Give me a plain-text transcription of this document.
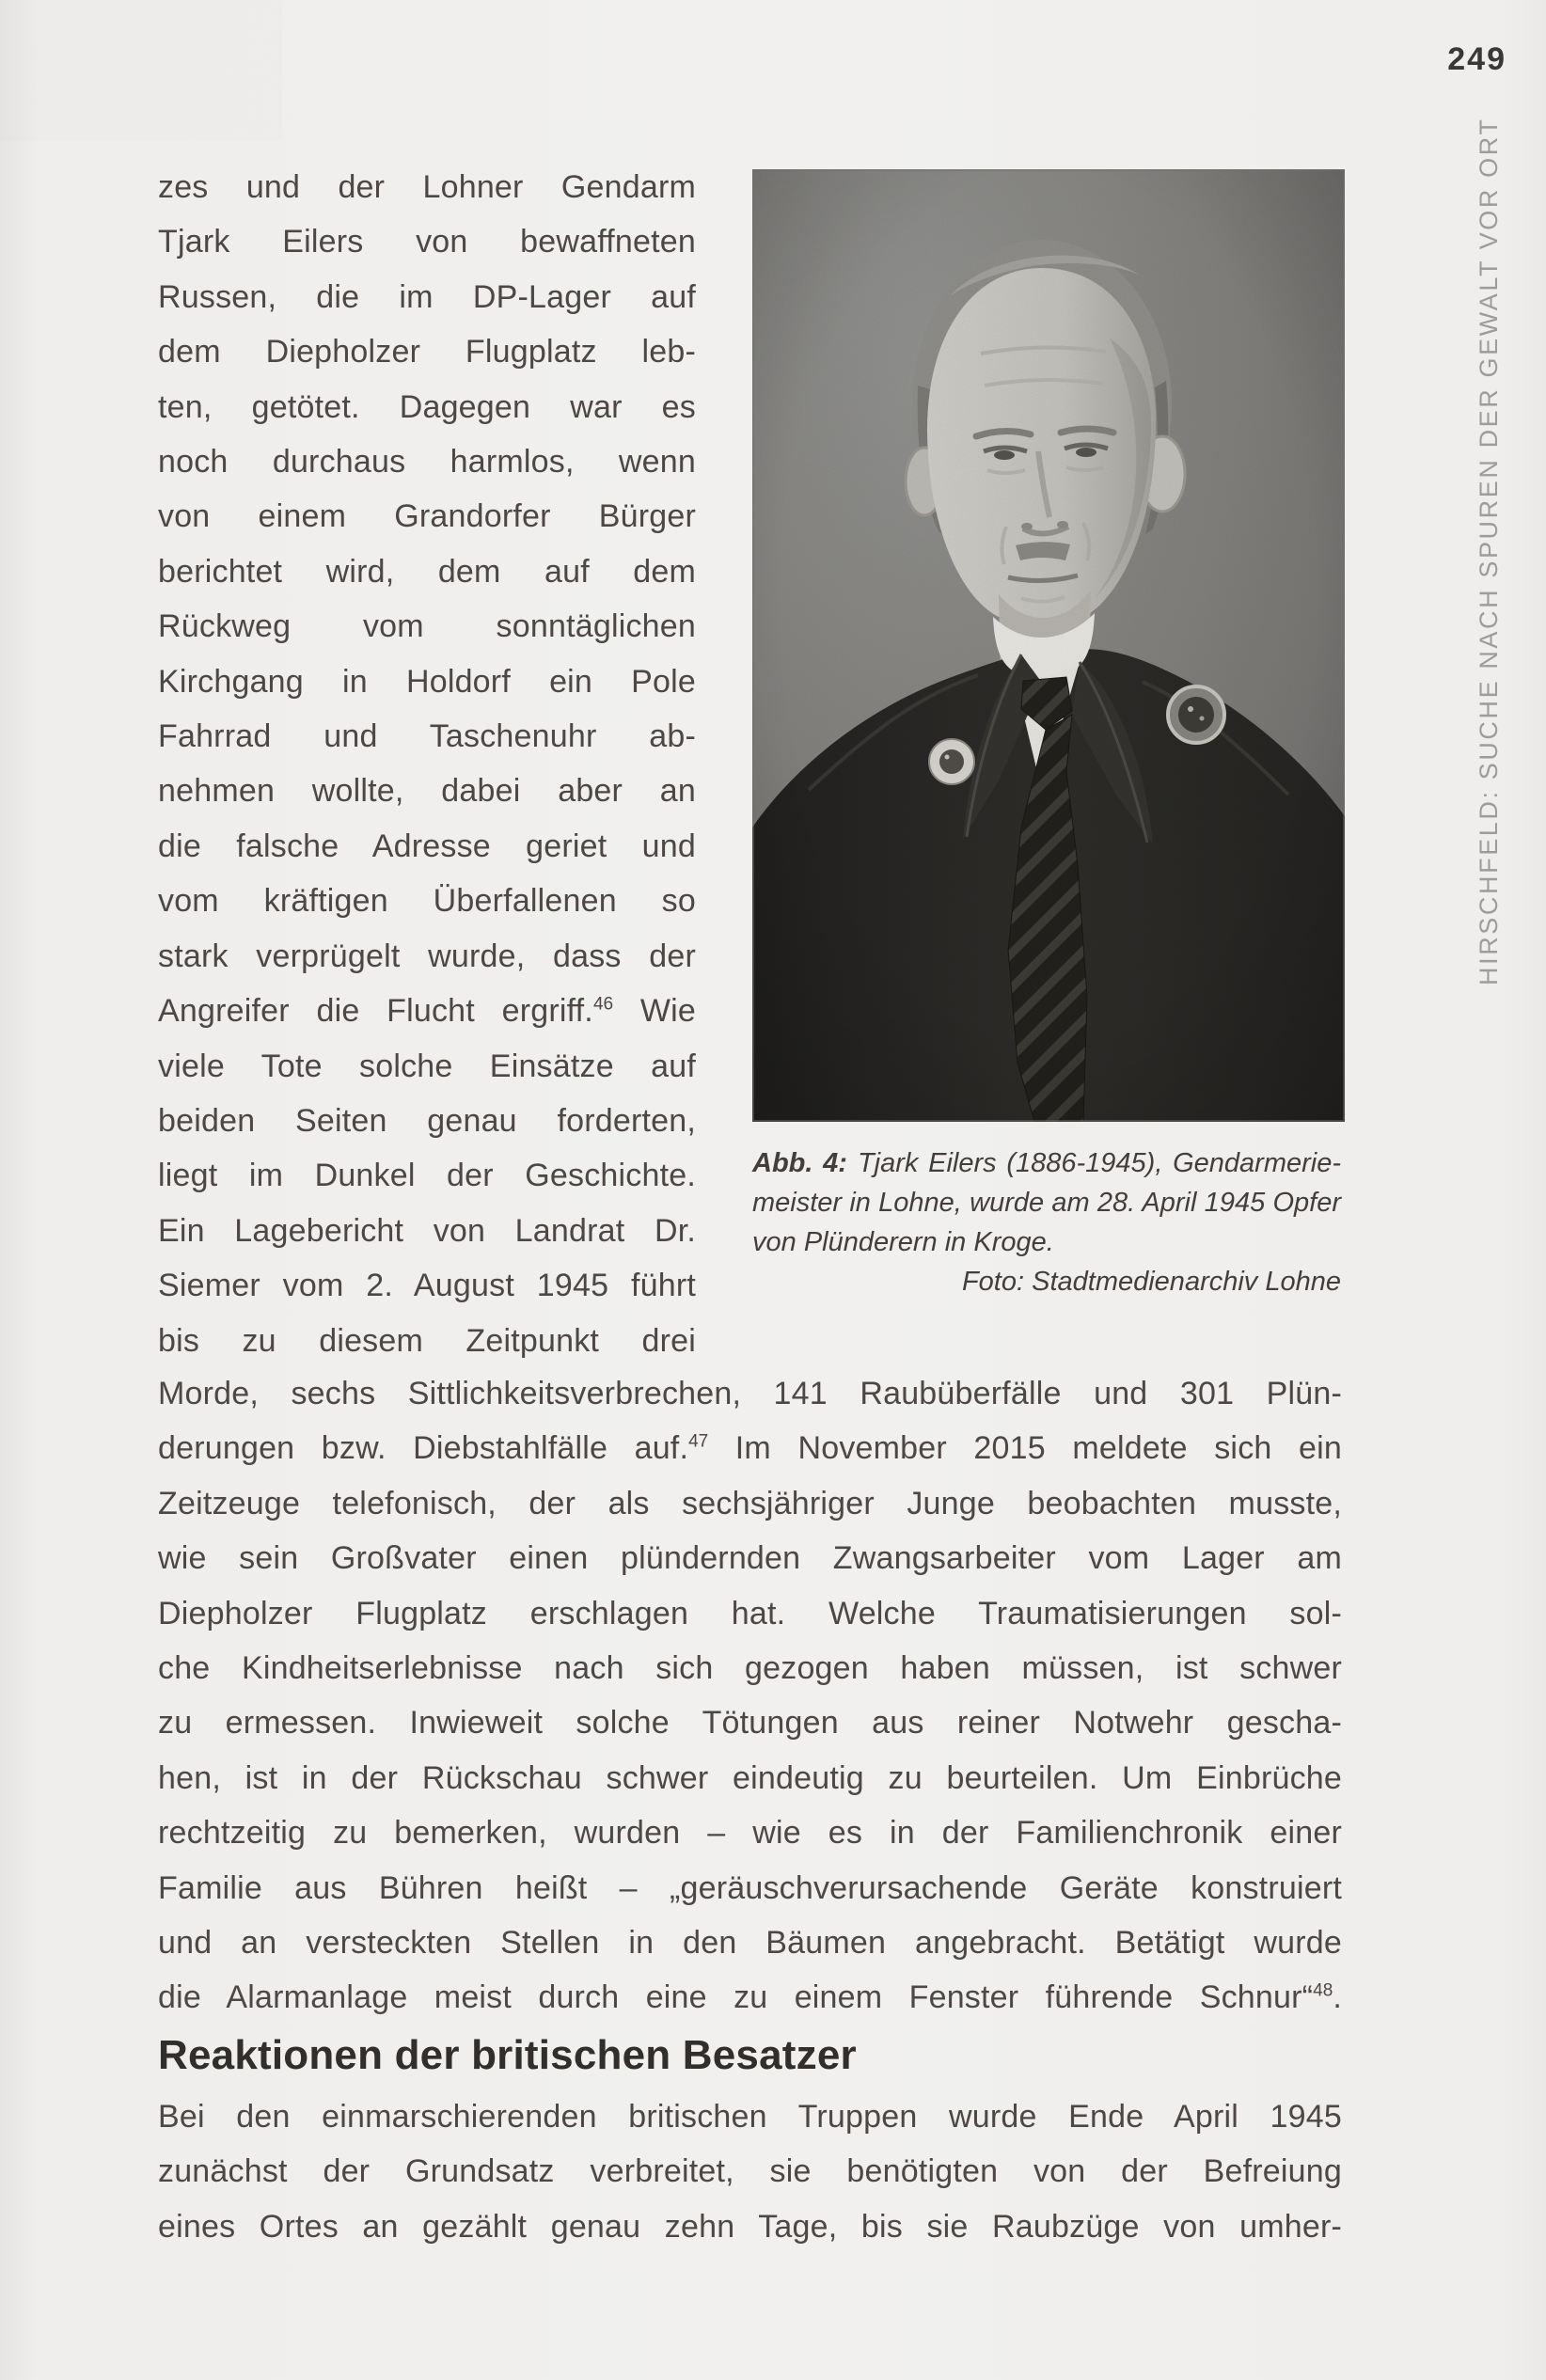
249
HIRSCHFELD: SUCHE NACH SPUREN DER GEWALT VOR ORT
zes und der Lohner Gendarm
Tjark Eilers von bewaffneten
Russen, die im DP-Lager auf
dem Diepholzer Flugplatz leb-
ten, getötet. Dagegen war es
noch durchaus harmlos, wenn
von einem Grandorfer Bürger
berichtet wird, dem auf dem
Rückweg vom sonntäglichen
Kirchgang in Holdorf ein Pole
Fahrrad und Taschenuhr ab-
nehmen wollte, dabei aber an
die falsche Adresse geriet und
vom kräftigen Überfallenen so
stark verprügelt wurde, dass der
Angreifer die Flucht ergriff.$^{46}$ Wie
viele Tote solche Einsätze auf
beiden Seiten genau forderten,
liegt im Dunkel der Geschichte.
Ein Lagebericht von Landrat Dr.
Siemer vom 2. August 1945 führt
bis zu diesem Zeitpunkt drei
Abb. 4: Tjark Eilers (1886-1945), Gendarmerie-
meister in Lohne, wurde am 28. April 1945 Opfer
von Plünderern in Kroge.
Foto: Stadtmedienarchiv Lohne
Morde, sechs Sittlichkeitsverbrechen, 141 Raubüberfälle und 301 Plün-
derungen bzw. Diebstahlfälle auf.$^{47}$ Im November 2015 meldete sich ein
Zeitzeuge telefonisch, der als sechsjähriger Junge beobachten musste,
wie sein Großvater einen plündernden Zwangsarbeiter vom Lager am
Diepholzer Flugplatz erschlagen hat. Welche Traumatisierungen sol-
che Kindheitserlebnisse nach sich gezogen haben müssen, ist schwer
zu ermessen. Inwieweit solche Tötungen aus reiner Notwehr gescha-
hen, ist in der Rückschau schwer eindeutig zu beurteilen. Um Einbrüche
rechtzeitig zu bemerken, wurden – wie es in der Familienchronik einer
Familie aus Bühren heißt – „geräuschverursachende Geräte konstruiert
und an versteckten Stellen in den Bäumen angebracht. Betätigt wurde
die Alarmanlage meist durch eine zu einem Fenster führende Schnur“$^{48}$.
Reaktionen der britischen Besatzer
Bei den einmarschierenden britischen Truppen wurde Ende April 1945
zunächst der Grundsatz verbreitet, sie benötigten von der Befreiung
eines Ortes an gezählt genau zehn Tage, bis sie Raubzüge von umher-
